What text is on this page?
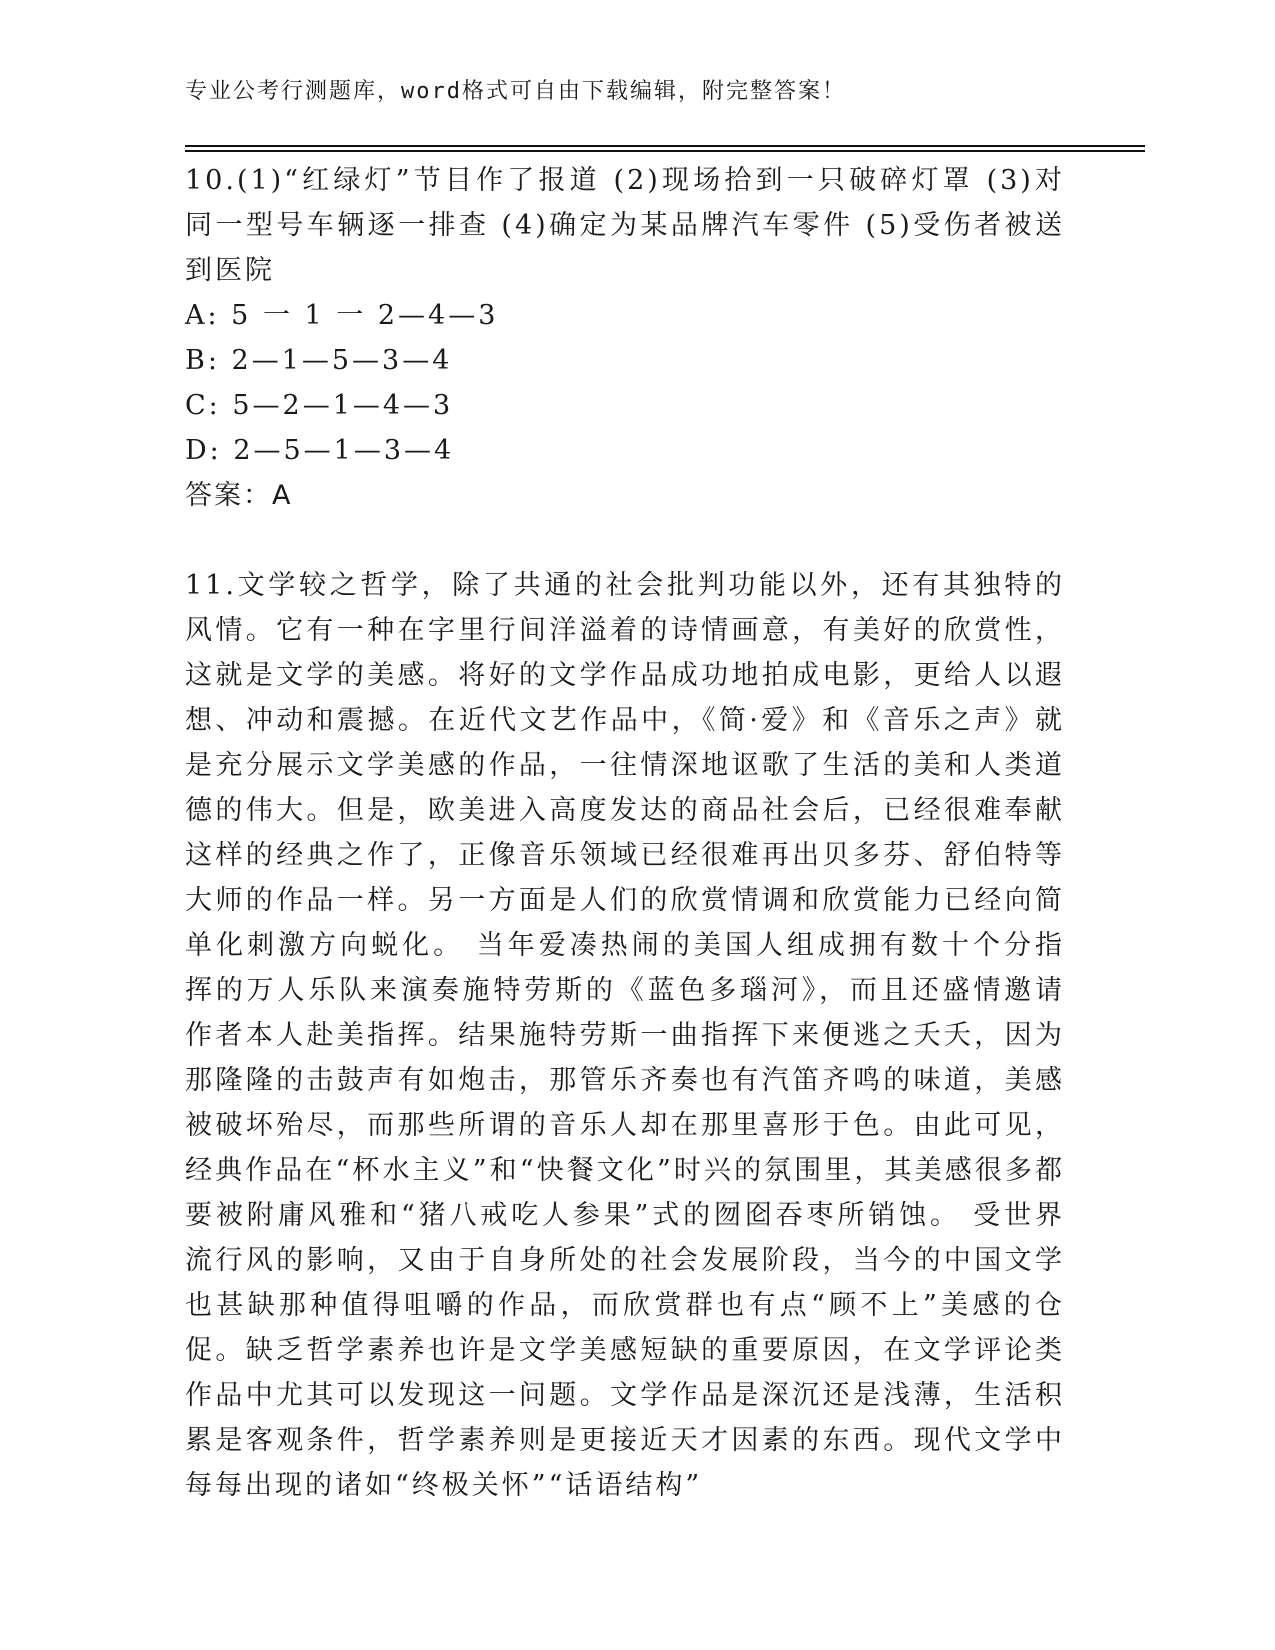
专业公考行测题库，word格式可自由下载编辑，附完整答案！

10.(1)“红绿灯”节目作了报道 (2)现场拾到一只破碎灯罩 (3)对同一型号车辆逐一排查 (4)确定为某品牌汽车零件 (5)受伤者被送到医院

A: 5 一 1 一 2—4—3

B: 2—1—5—3—4

C: 5—2—1—4—3

D: 2—5—1—3—4

答案：A

11.文学较之哲学，除了共通的社会批判功能以外，还有其独特的风情。它有一种在字里行间洋溢着的诗情画意，有美好的欣赏性，这就是文学的美感。将好的文学作品成功地拍成电影，更给人以遐想、冲动和震撼。在近代文艺作品中，《简·爱》和《音乐之声》就是充分展示文学美感的作品，一往情深地讴歌了生活的美和人类道德的伟大。但是，欧美进入高度发达的商品社会后，已经很难奉献这样的经典之作了，正像音乐领域已经很难再出贝多芬、舒伯特等大师的作品一样。另一方面是人们的欣赏情调和欣赏能力已经向简单化刺激方向蜕化。 当年爱凑热闹的美国人组成拥有数十个分指挥的万人乐队来演奏施特劳斯的《蓝色多瑙河》，而且还盛情邀请作者本人赴美指挥。结果施特劳斯一曲指挥下来便逃之夭夭，因为那隆隆的击鼓声有如炮击，那管乐齐奏也有汽笛齐鸣的味道，美感被破坏殆尽，而那些所谓的音乐人却在那里喜形于色。由此可见，经典作品在“杯水主义”和“快餐文化”时兴的氛围里，其美感很多都要被附庸风雅和“猪八戒吃人参果”式的囫囵吞枣所销蚀。 受世界流行风的影响，又由于自身所处的社会发展阶段，当今的中国文学也甚缺那种值得咀嚼的作品，而欣赏群也有点“顾不上”美感的仓促。缺乏哲学素养也许是文学美感短缺的重要原因，在文学评论类作品中尤其可以发现这一问题。文学作品是深沉还是浅薄，生活积累是客观条件，哲学素养则是更接近天才因素的东西。现代文学中每每出现的诸如“终极关怀”“话语结构”
